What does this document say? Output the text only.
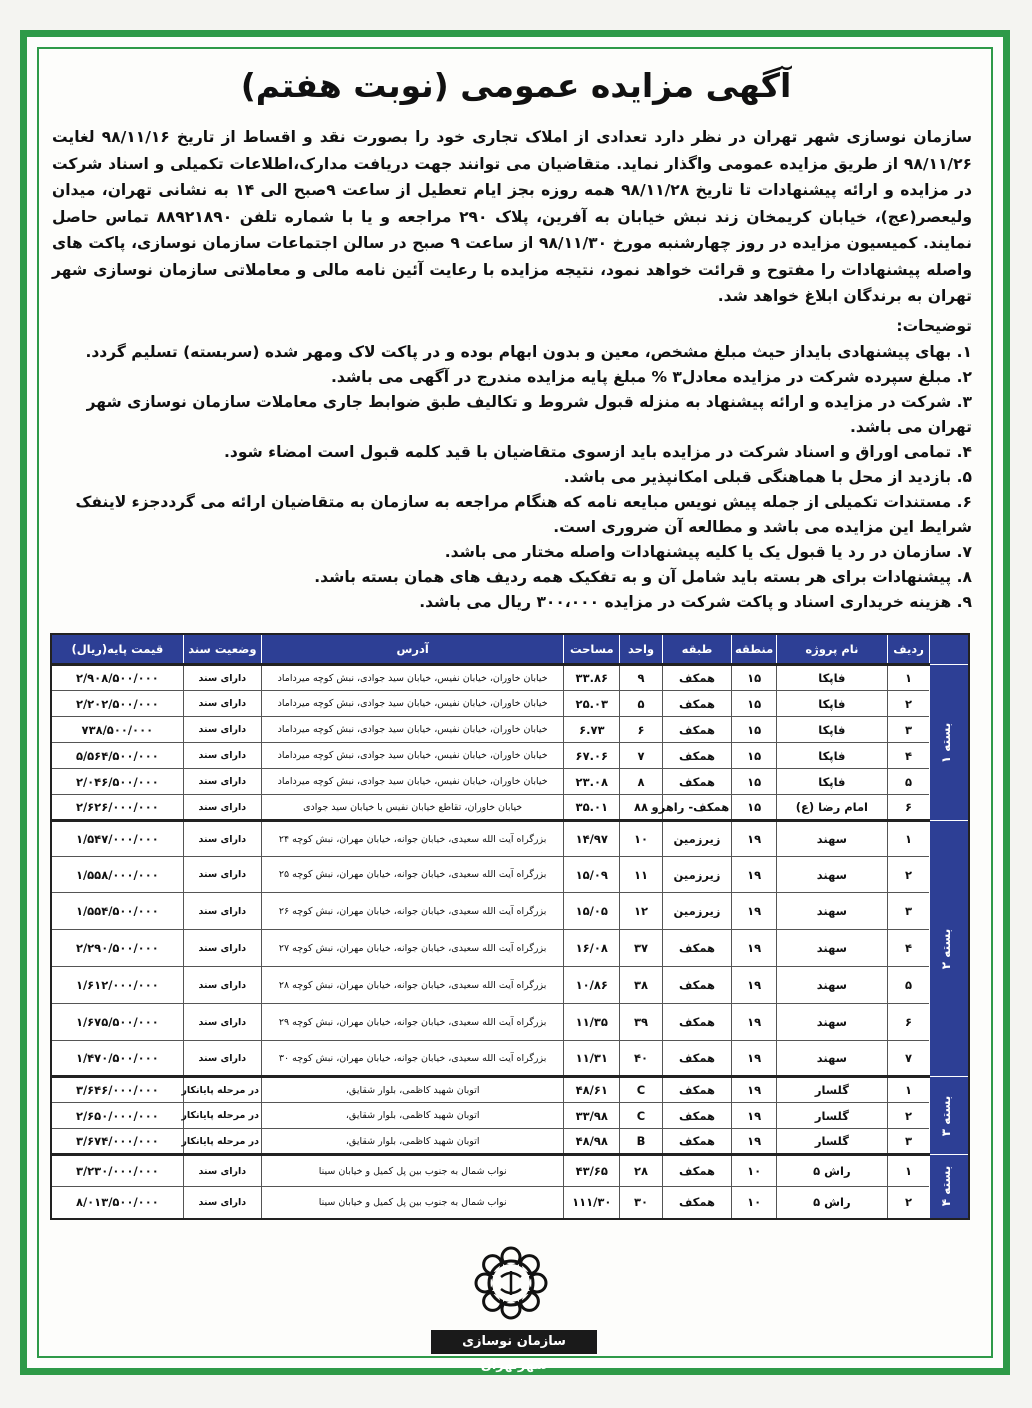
آگهی مزایده عمومی (نوبت هفتم)
سازمان نوسازی شهر تهران در نظر دارد تعدادی از املاک تجاری خود را بصورت نقد و اقساط از تاریخ ۹۸/۱۱/۱۶ لغایت ۹۸/۱۱/۲۶ از طریق مزایده عمومی واگذار نماید. متقاضیان می توانند جهت دریافت مدارک،اطلاعات تکمیلی و اسناد شرکت در مزایده و ارائه پیشنهادات تا تاریخ ۹۸/۱۱/۲۸ همه روزه بجز ایام تعطیل از ساعت ۹صبح الی ۱۴ به نشانی تهران، میدان ولیعصر(عج)، خیابان کریمخان زند نبش خیابان به آفرین، پلاک ۲۹۰ مراجعه و یا با شماره تلفن ۸۸۹۲۱۸۹۰ تماس حاصل نمایند. کمیسیون مزایده در روز چهارشنبه مورخ ۹۸/۱۱/۳۰ از ساعت ۹ صبح در سالن اجتماعات سازمان نوسازی، پاکت های واصله پیشنهادات را مفتوح و قرائت خواهد نمود، نتیجه مزایده با رعایت آئین نامه مالی و معاملاتی سازمان نوسازی شهر تهران به برندگان ابلاغ خواهد شد.
توضیحات:
۱. بهای پیشنهادی بایداز حیث مبلغ مشخص، معین و بدون ابهام بوده و در پاکت لاک ومهر شده (سربسته) تسلیم گردد.
۲. مبلغ سپرده شرکت در مزایده معادل۳ % مبلغ پایه مزایده مندرج در آگهی می باشد.
۳. شرکت در مزایده و ارائه پیشنهاد به منزله قبول شروط و تکالیف طبق ضوابط جاری معاملات سازمان نوسازی شهر تهران می باشد.
۴. تمامی اوراق و اسناد شرکت در مزایده باید ازسوی متقاضیان با قید کلمه قبول است امضاء شود.
۵. بازدید از محل با هماهنگی قبلی امکانپذیر می باشد.
۶. مستندات تکمیلی از جمله پیش نویس مبایعه نامه که هنگام مراجعه به سازمان به متقاضیان ارائه می گرددجزء لاینفک شرایط این مزایده می باشد و مطالعه آن ضروری است.
۷. سازمان در رد یا قبول یک یا کلیه پیشنهادات واصله مختار می باشد.
۸. پیشنهادات برای هر بسته باید شامل آن و به تفکیک همه ردیف های همان بسته باشد.
۹. هزینه خریداری اسناد و پاکت شرکت در مزایده ۳۰۰،۰۰۰ ریال می باشد.
	ردیف	نام پروژه	منطقه	طبقه	واحد	مساحت	آدرس	وضعیت سند	قیمت پایه(ریال)
بسته ۱	۱	فاپکا	۱۵	همکف	۹	۳۳.۸۶	خیابان خاوران، خیابان نفیس، خیابان سید جوادی، نبش کوچه میرداماد	دارای سند	۲/۹۰۸/۵۰۰/۰۰۰
	۲	فاپکا	۱۵	همکف	۵	۲۵.۰۳	خیابان خاوران، خیابان نفیس، خیابان سید جوادی، نبش کوچه میرداماد	دارای سند	۲/۲۰۲/۵۰۰/۰۰۰
	۳	فاپکا	۱۵	همکف	۶	۶.۷۳	خیابان خاوران، خیابان نفیس، خیابان سید جوادی، نبش کوچه میرداماد	دارای سند	۷۳۸/۵۰۰/۰۰۰
	۴	فاپکا	۱۵	همکف	۷	۶۷.۰۶	خیابان خاوران، خیابان نفیس، خیابان سید جوادی، نبش کوچه میرداماد	دارای سند	۵/۵۶۴/۵۰۰/۰۰۰
	۵	فاپکا	۱۵	همکف	۸	۲۳.۰۸	خیابان خاوران، خیابان نفیس، خیابان سید جوادی، نبش کوچه میرداماد	دارای سند	۲/۰۴۶/۵۰۰/۰۰۰
	۶	امام رضا (ع)	۱۵	همکف- راهرو	۸۸	۳۵.۰۱	خیابان خاوران، تقاطع خیابان نفیس با خیابان سید جوادی	دارای سند	۲/۶۲۶/۰۰۰/۰۰۰
بسته ۲	۱	سهند	۱۹	زیرزمین	۱۰	۱۴/۹۷	بزرگراه آیت الله سعیدی، خیابان جوانه، خیابان مهران، نبش کوچه ۲۴	دارای سند	۱/۵۴۷/۰۰۰/۰۰۰
	۲	سهند	۱۹	زیرزمین	۱۱	۱۵/۰۹	بزرگراه آیت الله سعیدی، خیابان جوانه، خیابان مهران، نبش کوچه ۲۵	دارای سند	۱/۵۵۸/۰۰۰/۰۰۰
	۳	سهند	۱۹	زیرزمین	۱۲	۱۵/۰۵	بزرگراه آیت الله سعیدی، خیابان جوانه، خیابان مهران، نبش کوچه ۲۶	دارای سند	۱/۵۵۴/۵۰۰/۰۰۰
	۴	سهند	۱۹	همکف	۳۷	۱۶/۰۸	بزرگراه آیت الله سعیدی، خیابان جوانه، خیابان مهران، نبش کوچه ۲۷	دارای سند	۲/۲۹۰/۵۰۰/۰۰۰
	۵	سهند	۱۹	همکف	۳۸	۱۰/۸۶	بزرگراه آیت الله سعیدی، خیابان جوانه، خیابان مهران، نبش کوچه ۲۸	دارای سند	۱/۶۱۲/۰۰۰/۰۰۰
	۶	سهند	۱۹	همکف	۳۹	۱۱/۳۵	بزرگراه آیت الله سعیدی، خیابان جوانه، خیابان مهران، نبش کوچه ۲۹	دارای سند	۱/۶۷۵/۵۰۰/۰۰۰
	۷	سهند	۱۹	همکف	۴۰	۱۱/۳۱	بزرگراه آیت الله سعیدی، خیابان جوانه، خیابان مهران، نبش کوچه ۳۰	دارای سند	۱/۴۷۰/۵۰۰/۰۰۰
بسته ۳	۱	گلسار	۱۹	همکف	C	۴۸/۶۱	اتوبان شهید کاظمی، بلوار شقایق،	در مرحله پایانکار	۳/۶۴۶/۰۰۰/۰۰۰
	۲	گلسار	۱۹	همکف	C	۳۳/۹۸	اتوبان شهید کاظمی، بلوار شقایق،	در مرحله پایانکار	۲/۶۵۰/۰۰۰/۰۰۰
	۳	گلسار	۱۹	همکف	B	۴۸/۹۸	اتوبان شهید کاظمی، بلوار شقایق،	در مرحله پایانکار	۳/۶۷۴/۰۰۰/۰۰۰
بسته ۴	۱	راش ۵	۱۰	همکف	۲۸	۴۳/۶۵	نواب شمال به جنوب بین پل کمیل و خیابان سینا	دارای سند	۳/۲۳۰/۰۰۰/۰۰۰
	۲	راش ۵	۱۰	همکف	۳۰	۱۱۱/۳۰	نواب شمال به جنوب بین پل کمیل و خیابان سینا	دارای سند	۸/۰۱۳/۵۰۰/۰۰۰
سازمان نوسازی شهرتهران
